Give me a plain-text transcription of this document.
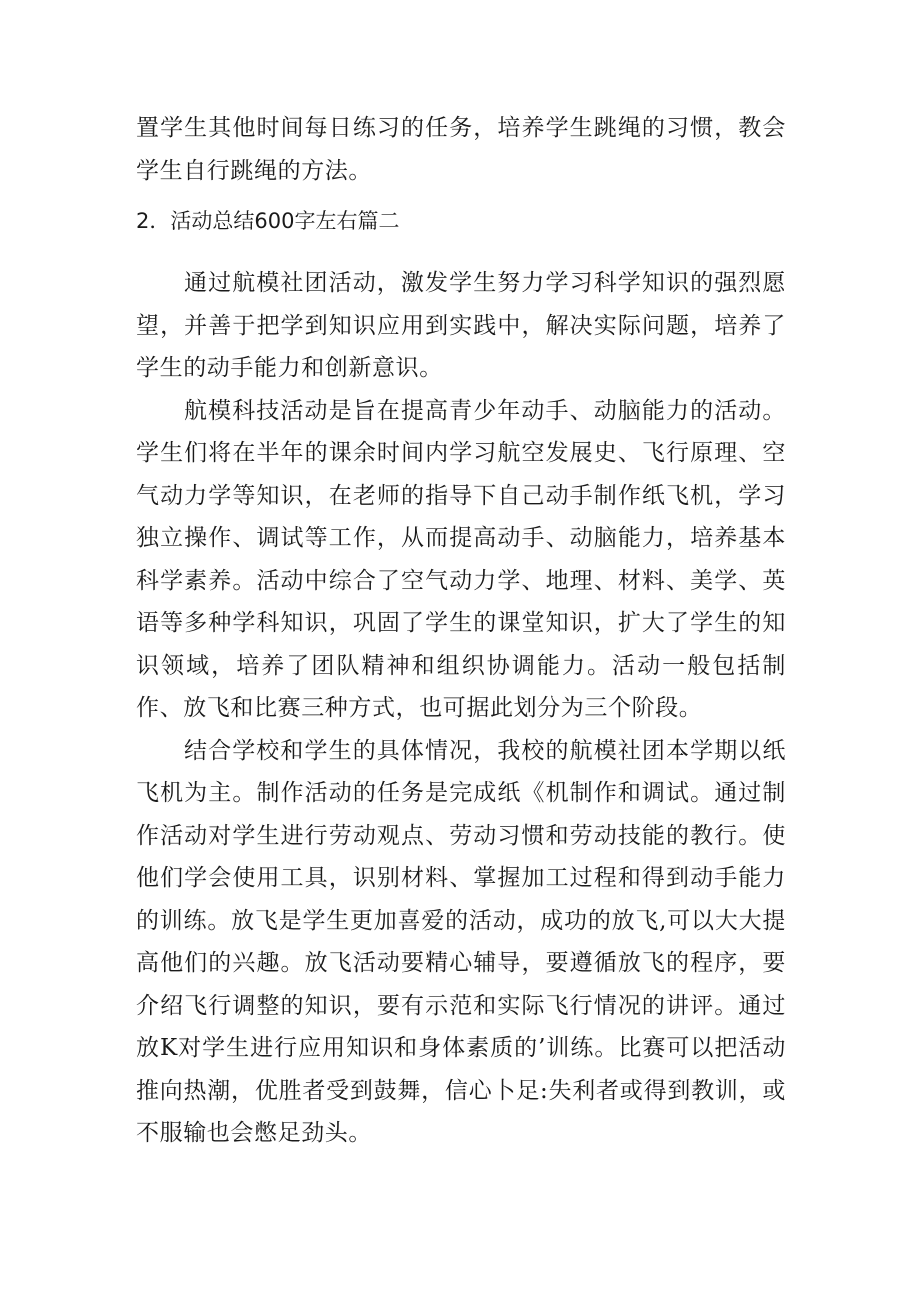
置学生其他时间每日练习的任务，培养学生跳绳的习惯，教会学生自行跳绳的方法。

2．活动总结600字左右篇二

通过航模社团活动，激发学生努力学习科学知识的强烈愿望，并善于把学到知识应用到实践中，解决实际问题，培养了学生的动手能力和创新意识。

航模科技活动是旨在提高青少年动手、动脑能力的活动。学生们将在半年的课余时间内学习航空发展史、飞行原理、空气动力学等知识，在老师的指导下自己动手制作纸飞机，学习独立操作、调试等工作，从而提高动手、动脑能力，培养基本科学素养。活动中综合了空气动力学、地理、材料、美学、英语等多种学科知识，巩固了学生的课堂知识，扩大了学生的知识领域，培养了团队精神和组织协调能力。活动一般包括制作、放飞和比赛三种方式，也可据此划分为三个阶段。

结合学校和学生的具体情况，我校的航模社团本学期以纸飞机为主。制作活动的任务是完成纸《机制作和调试。通过制作活动对学生进行劳动观点、劳动习惯和劳动技能的教行。使他们学会使用工具，识别材料、掌握加工过程和得到动手能力的训练。放飞是学生更加喜爱的活动，成功的放飞,可以大大提高他们的兴趣。放飞活动要精心辅导，要遵循放飞的程序，要介绍飞行调整的知识，要有示范和实际飞行情况的讲评。通过放K对学生进行应用知识和身体素质的’训练。比赛可以把活动推向热潮，优胜者受到鼓舞，信心卜足:失利者或得到教训，或不服输也会憋足劲头。
